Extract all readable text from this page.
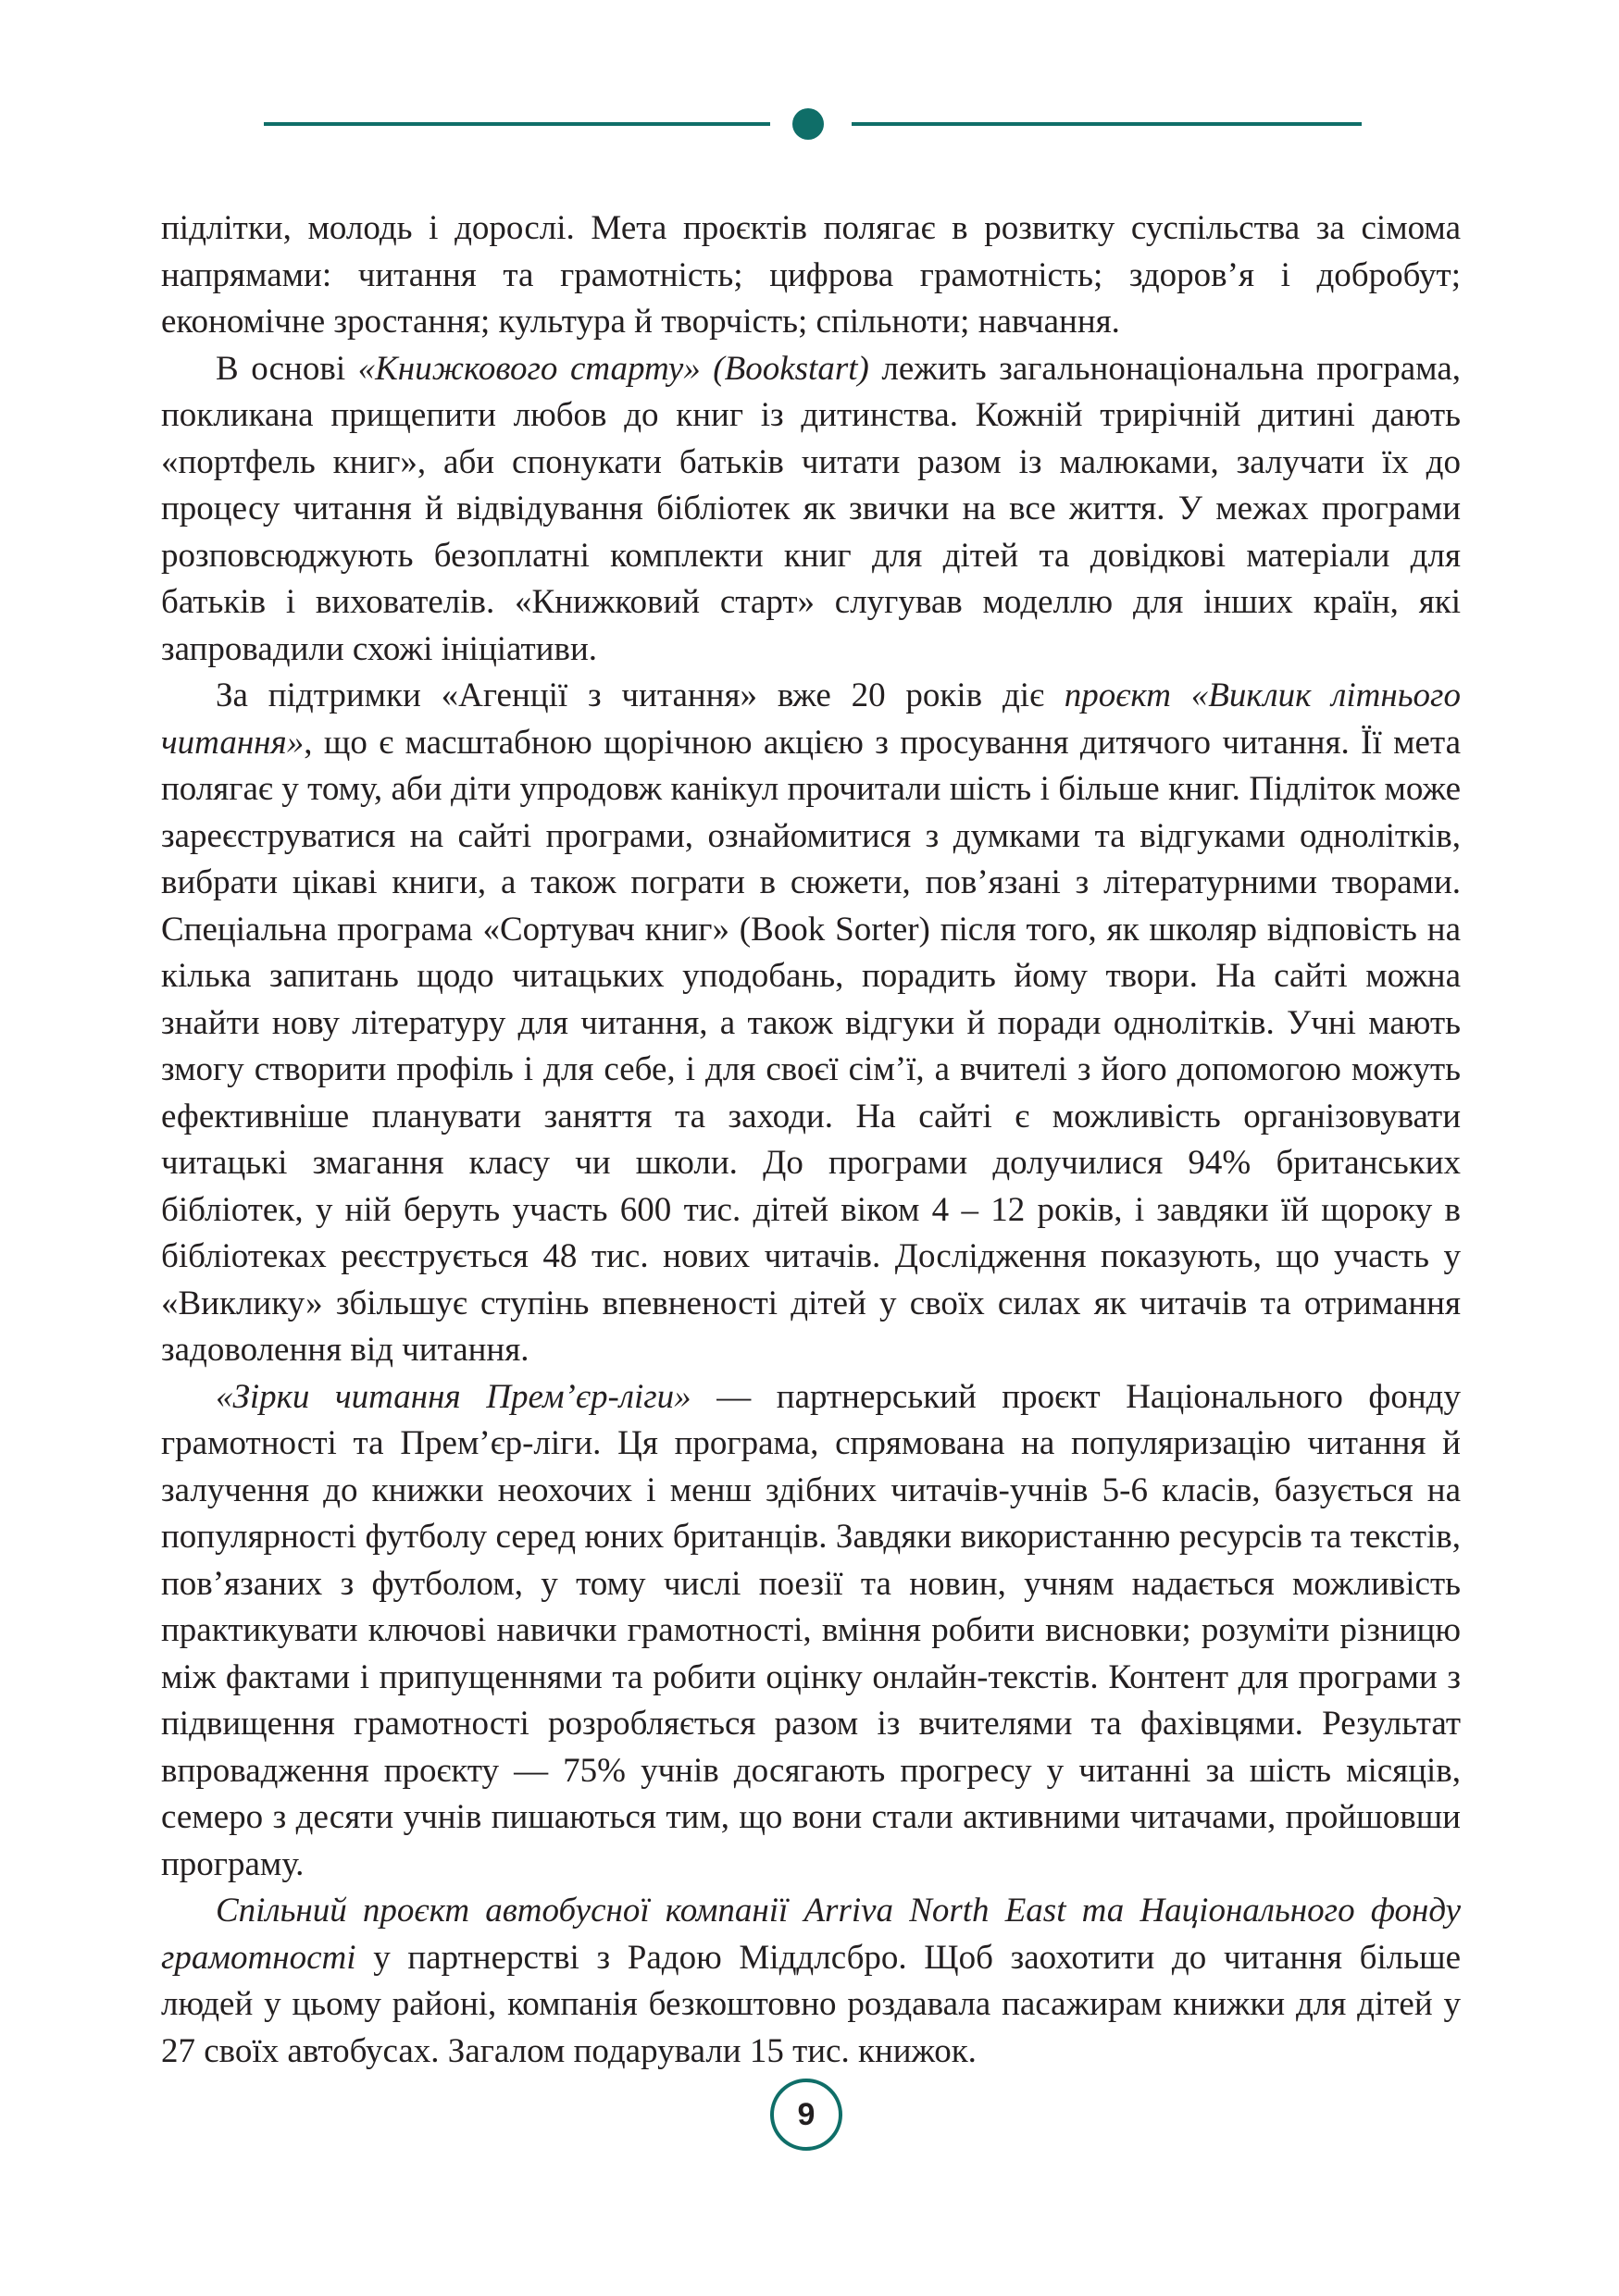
підлітки, молодь і дорослі. Мета проєктів полягає в розвитку суспільства за сімома напрямами: читання та грамотність; цифрова грамотність; здоров’я і добробут; економічне зростання; культура й творчість; спільноти; навчання.

В основі «Книжкового старту» (Bookstart) лежить загальнонаціональна програма, покликана прищепити любов до книг із дитинства. Кожній трирічній дитині дають «портфель книг», аби спонукати батьків читати разом із малюками, залучати їх до процесу читання й відвідування бібліотек як звички на все життя. У межах програми розповсюджують безоплатні комплекти книг для дітей та довідкові матеріали для батьків і вихователів. «Книжковий старт» слугував моделлю для інших країн, які запровадили схожі ініціативи.

За підтримки «Агенції з читання» вже 20 років діє проєкт «Виклик літнього читання», що є масштабною щорічною акцією з просування дитячого читання. Її мета полягає у тому, аби діти упродовж канікул прочитали шість і більше книг. Підліток може зареєструватися на сайті програми, ознайомитися з думками та відгуками однолітків, вибрати цікаві книги, а також пограти в сюжети, пов’язані з літературними творами. Спеціальна програма «Сортувач книг» (Book Sorter) після того, як школяр відповість на кілька запитань щодо читацьких уподобань, порадить йому твори. На сайті можна знайти нову літературу для читання, а також відгуки й поради однолітків. Учні мають змогу створити профіль і для себе, і для своєї сім’ї, а вчителі з його допомогою можуть ефективніше планувати заняття та заходи. На сайті є можливість організовувати читацькі змагання класу чи школи. До програми долучилися 94% британських бібліотек, у ній беруть участь 600 тис. дітей віком 4 – 12 років, і завдяки їй щороку в бібліотеках реєструється 48 тис. нових читачів. Дослідження показують, що участь у «Виклику» збільшує ступінь впевненості дітей у своїх силах як читачів та отримання задоволення від читання.

«Зірки читання Прем’єр-ліги» — партнерський проєкт Національного фонду грамотності та Прем’єр-ліги. Ця програма, спрямована на популяризацію читання й залучення до книжки неохочих і менш здібних читачів-учнів 5-6 класів, базується на популярності футболу серед юних британців. Завдяки використанню ресурсів та текстів, пов’язаних з футболом, у тому числі поезії та новин, учням надається можливість практикувати ключові навички грамотності, вміння робити висновки; розуміти різницю між фактами і припущеннями та робити оцінку онлайн-текстів. Контент для програми з підвищення грамотності розробляється разом із вчителями та фахівцями. Результат впровадження проєкту — 75% учнів досягають прогресу у читанні за шість місяців, семеро з десяти учнів пишаються тим, що вони стали активними читачами, пройшовши програму.

Спільний проєкт автобусної компанії Arriva North East та Національного фонду грамотності у партнерстві з Радою Міддлсбро. Щоб заохотити до читання більше людей у цьому районі, компанія безкоштовно роздавала пасажирам книжки для дітей у 27 своїх автобусах. Загалом подарували 15 тис. книжок.

9
